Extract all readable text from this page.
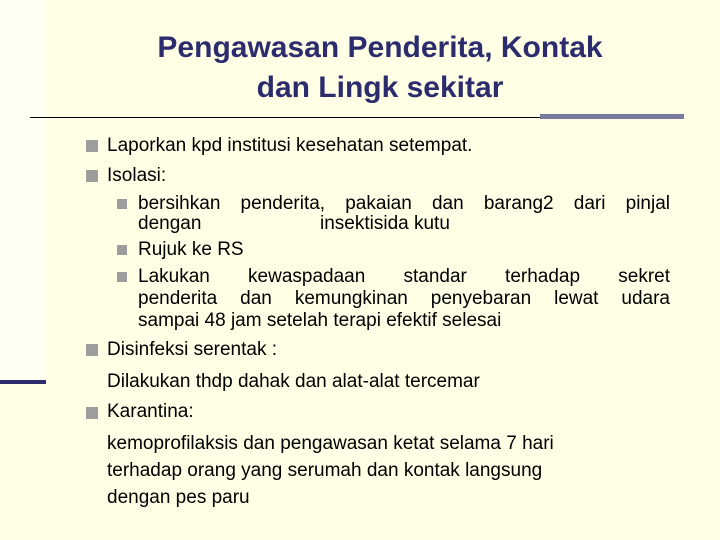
Pengawasan Penderita, Kontak
dan Lingk sekitar
Laporkan kpd institusi kesehatan setempat.
Isolasi:
bersihkan penderita, pakaian dan barang2 dari pinjal
dengan	insektisida kutu
Rujuk ke RS
Lakukan kewaspadaan standar terhadap sekret
penderita dan kemungkinan penyebaran lewat udara
sampai 48 jam setelah terapi efektif selesai
Disinfeksi serentak :
Dilakukan thdp dahak dan alat-alat tercemar
Karantina:
kemoprofilaksis dan pengawasan ketat selama 7 hari
terhadap orang yang serumah dan kontak langsung
dengan pes paru
